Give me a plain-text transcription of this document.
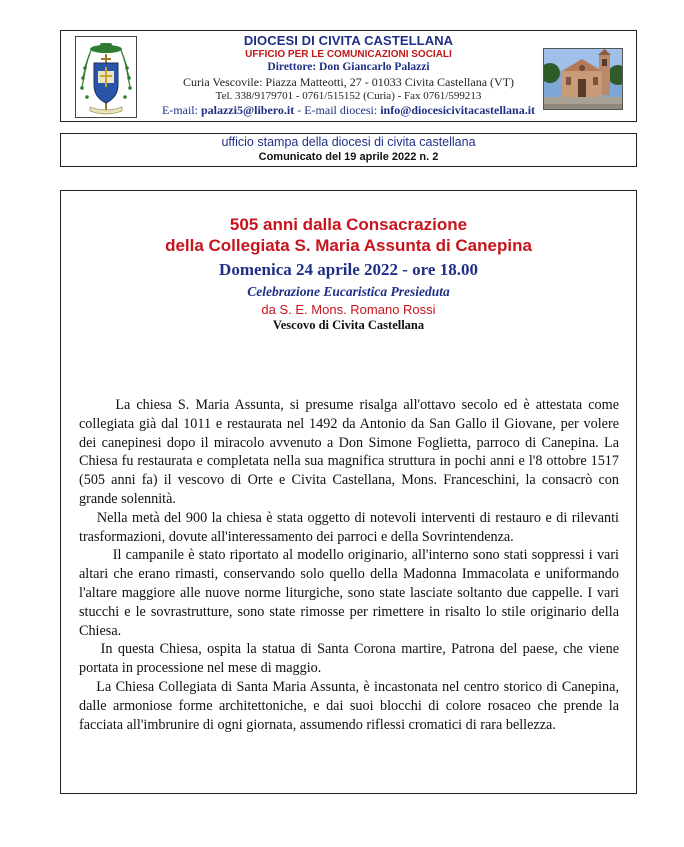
DIOCESI DI CIVITA CASTELLANA
UFFICIO PER LE COMUNICAZIONI SOCIALI
Direttore: Don Giancarlo Palazzi
Curia Vescovile: Piazza Matteotti, 27 - 01033 Civita Castellana (VT)
Tel. 338/9179701 - 0761/515152 (Curia) - Fax 0761/599213
E-mail: palazzi5@libero.it - E-mail diocesi: info@diocesicivitacastellana.it
ufficio stampa della diocesi di civita castellana
Comunicato del 19 aprile 2022 n. 2
505 anni dalla Consacrazione
della Collegiata S. Maria Assunta di Canepina
Domenica 24 aprile 2022 - ore 18.00
Celebrazione Eucaristica Presieduta
da S. E. Mons. Romano Rossi
Vescovo di Civita Castellana

La chiesa S. Maria Assunta, si presume risalga all'ottavo secolo ed è attestata come collegiata già dal 1011 e restaurata nel 1492 da Antonio da San Gallo il Giovane, per volere dei canepinesi dopo il miracolo avvenuto a Don Simone Foglietta, parroco di Canepina. La Chiesa fu restaurata e completata nella sua magnifica struttura in pochi anni e l'8 ottobre 1517 (505 anni fa) il vescovo di Orte e Civita Castellana, Mons. Franceschini, la consacrò con grande solennità.

Nella metà del 900 la chiesa è stata oggetto di notevoli interventi di restauro e di rilevanti trasformazioni, dovute all'interessamento dei parroci e della Sovrintendenza.

Il campanile è stato riportato al modello originario, all'interno sono stati soppressi i vari altari che erano rimasti, conservando solo quello della Madonna Immacolata e uniformando l'altare maggiore alle nuove norme liturgiche, sono state lasciate soltanto due cappelle. I vari stucchi e le sovrastrutture, sono state rimosse per rimettere in risalto lo stile originario della Chiesa.

In questa Chiesa, ospita la statua di Santa Corona martire, Patrona del paese, che viene portata in processione nel mese di maggio.

La Chiesa Collegiata di Santa Maria Assunta, è incastonata nel centro storico di Canepina, dalle armoniose forme architettoniche, e dai suoi blocchi di colore rosaceo che prende la facciata all'imbrunire di ogni giornata, assumendo riflessi cromatici di rara bellezza.
